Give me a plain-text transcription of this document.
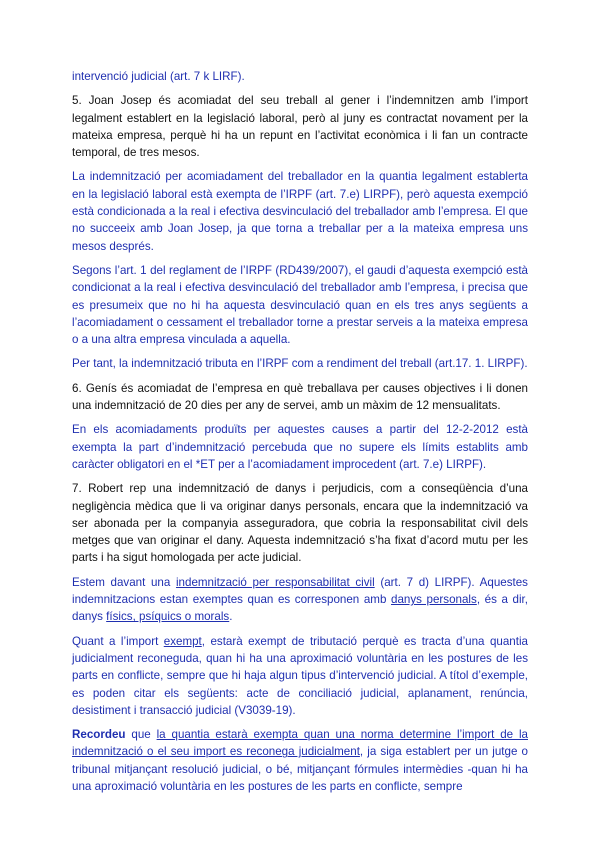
intervenció judicial (art. 7 k LIRF).

5. Joan Josep és acomiadat del seu treball al gener i l’indemnitzen amb l’import legalment establert en la legislació laboral, però al juny es contractat novament per la mateixa empresa, perquè hi ha un repunt en l’activitat econòmica i li fan un contracte temporal, de tres mesos.

La indemnització per acomiadament del treballador en la quantia legalment establerta en la legislació laboral està exempta de l’IRPF (art. 7.e) LIRPF), però aquesta exempció està condicionada a la real i efectiva desvinculació del treballador amb l’empresa. El que no succeeix amb Joan Josep, ja que torna a treballar per a la mateixa empresa uns mesos després.

Segons l’art. 1 del reglament de l’IRPF (RD439/2007), el gaudi d’aquesta exempció està condicionat a la real i efectiva desvinculació del treballador amb l’empresa, i precisa que es presumeix que no hi ha aquesta desvinculació quan en els tres anys següents a l’acomiadament o cessament el treballador torne a prestar serveis a la mateixa empresa o a una altra empresa vinculada a aquella.

Per tant, la indemnització tributa en l’IRPF com a rendiment del treball (art.17. 1. LIRPF).

6. Genís és acomiadat de l’empresa en què treballava per causes objectives i li donen una indemnització de 20 dies per any de servei, amb un màxim de 12 mensualitats.

En els acomiadaments produïts per aquestes causes a partir del 12-2-2012 està exempta la part d’indemnització percebuda que no supere els límits establits amb caràcter obligatori en el *ET per a l’acomiadament improcedent (art. 7.e) LIRPF).

7. Robert rep una indemnització de danys i perjudicis, com a conseqüència d’una negligència mèdica que li va originar danys personals, encara que la indemnització va ser abonada per la companyia asseguradora, que cobria la responsabilitat civil dels metges que van originar el dany. Aquesta indemnització s’ha fixat d’acord mutu per les parts i ha sigut homologada per acte judicial.

Estem davant una indemnització per responsabilitat civil (art. 7 d) LIRPF). Aquestes indemnitzacions estan exemptes quan es corresponen amb danys personals, és a dir, danys físics, psíquics o morals.

Quant a l’import exempt, estarà exempt de tributació perquè es tracta d’una quantia judicialment reconeguda, quan hi ha una aproximació voluntària en les postures de les parts en conflicte, sempre que hi haja algun tipus d’intervenció judicial. A títol d’exemple, es poden citar els següents: acte de conciliació judicial, aplanament, renúncia, desistiment i transacció judicial (V3039-19).

Recordeu que la quantia estarà exempta quan una norma determine l’import de la indemnització o el seu import es reconega judicialment, ja siga establert per un jutge o tribunal mitjançant resolució judicial, o bé, mitjançant fórmules intermèdies -quan hi ha una aproximació voluntària en les postures de les parts en conflicte, sempre
